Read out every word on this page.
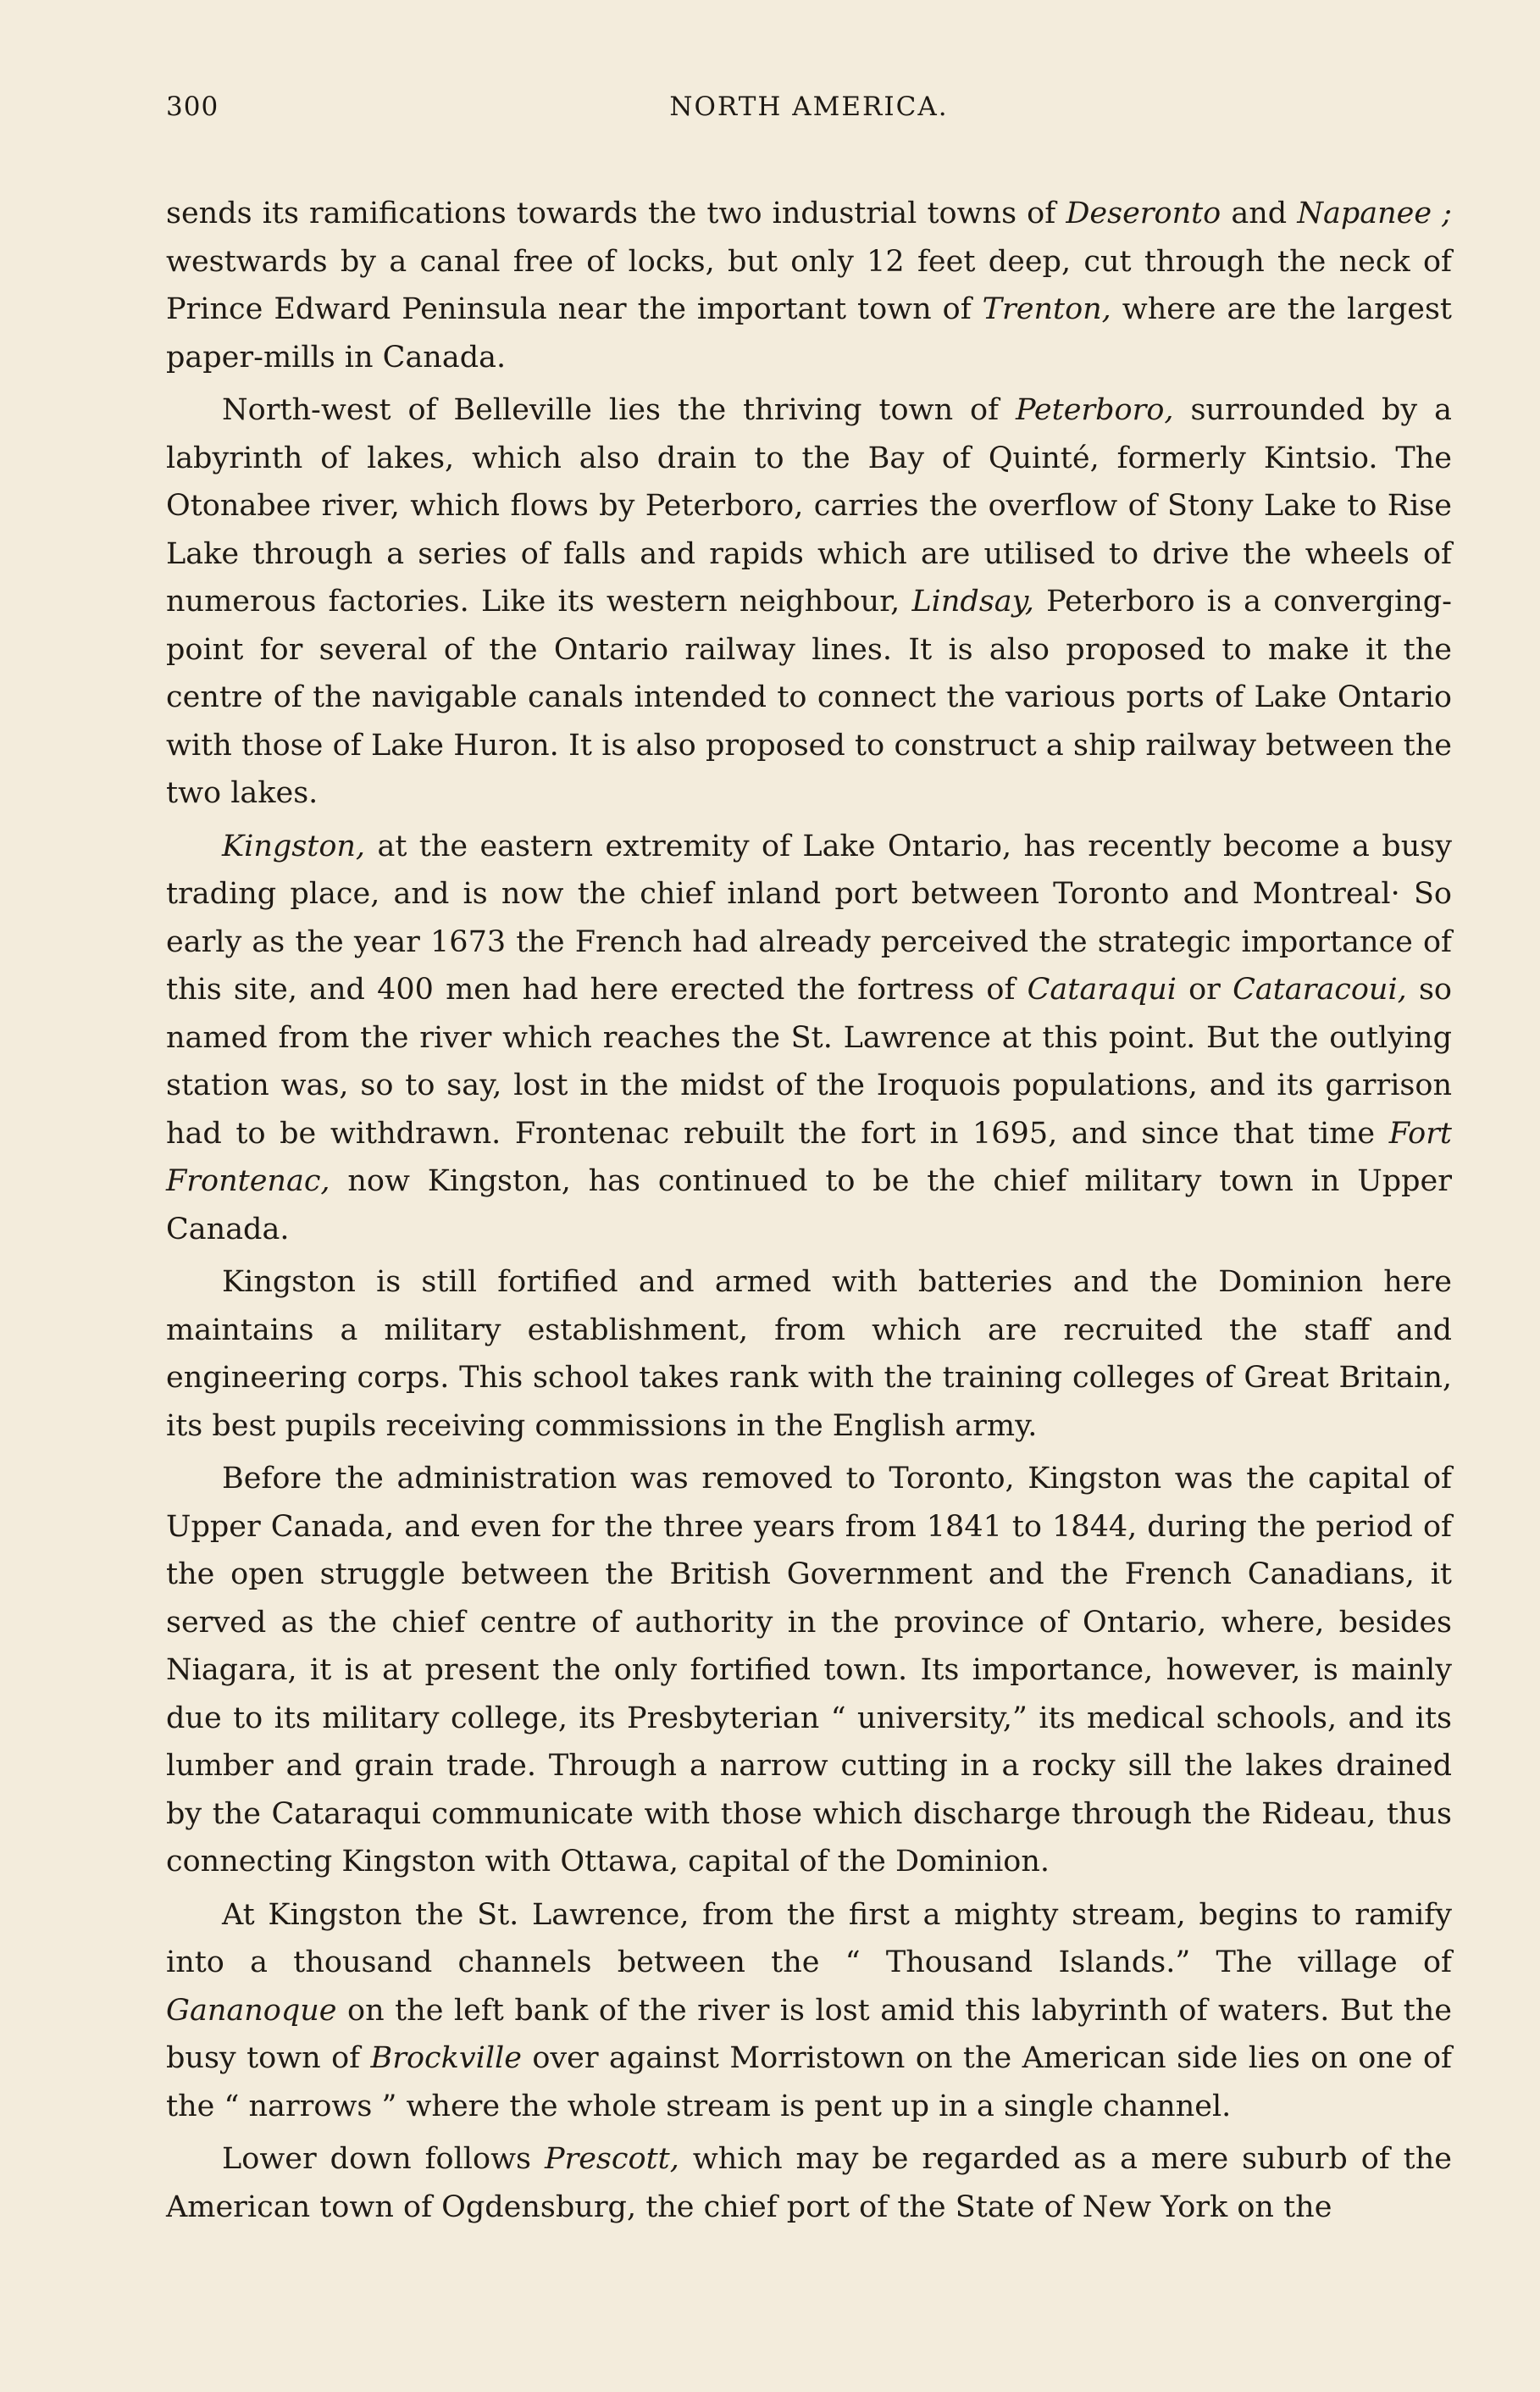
300	NORTH AMERICA.

sends its ramifications towards the two industrial towns of Deseronto and Napanee ; westwards by a canal free of locks, but only 12 feet deep, cut through the neck of Prince Edward Peninsula near the important town of Trenton, where are the largest paper-mills in Canada.

North-west of Belleville lies the thriving town of Peterboro, surrounded by a labyrinth of lakes, which also drain to the Bay of Quinté, formerly Kintsio. The Otonabee river, which flows by Peterboro, carries the overflow of Stony Lake to Rise Lake through a series of falls and rapids which are utilised to drive the wheels of numerous factories. Like its western neighbour, Lindsay, Peterboro is a converging-point for several of the Ontario railway lines. It is also proposed to make it the centre of the navigable canals intended to connect the various ports of Lake Ontario with those of Lake Huron. It is also proposed to construct a ship railway between the two lakes.

Kingston, at the eastern extremity of Lake Ontario, has recently become a busy trading place, and is now the chief inland port between Toronto and Montreal· So early as the year 1673 the French had already perceived the strategic importance of this site, and 400 men had here erected the fortress of Cataraqui or Cataracoui, so named from the river which reaches the St. Lawrence at this point. But the outlying station was, so to say, lost in the midst of the Iroquois populations, and its garrison had to be withdrawn. Frontenac rebuilt the fort in 1695, and since that time Fort Frontenac, now Kingston, has continued to be the chief military town in Upper Canada.

Kingston is still fortified and armed with batteries and the Dominion here maintains a military establishment, from which are recruited the staff and engineering corps. This school takes rank with the training colleges of Great Britain, its best pupils receiving commissions in the English army.

Before the administration was removed to Toronto, Kingston was the capital of Upper Canada, and even for the three years from 1841 to 1844, during the period of the open struggle between the British Government and the French Canadians, it served as the chief centre of authority in the province of Ontario, where, besides Niagara, it is at present the only fortified town. Its importance, however, is mainly due to its military college, its Presbyterian “ university,” its medical schools, and its lumber and grain trade. Through a narrow cutting in a rocky sill the lakes drained by the Cataraqui communicate with those which discharge through the Rideau, thus connecting Kingston with Ottawa, capital of the Dominion.

At Kingston the St. Lawrence, from the first a mighty stream, begins to ramify into a thousand channels between the “ Thousand Islands.” The village of Gananoque on the left bank of the river is lost amid this labyrinth of waters. But the busy town of Brockville over against Morristown on the American side lies on one of the “ narrows ” where the whole stream is pent up in a single channel.

Lower down follows Prescott, which may be regarded as a mere suburb of the American town of Ogdensburg, the chief port of the State of New York on the
